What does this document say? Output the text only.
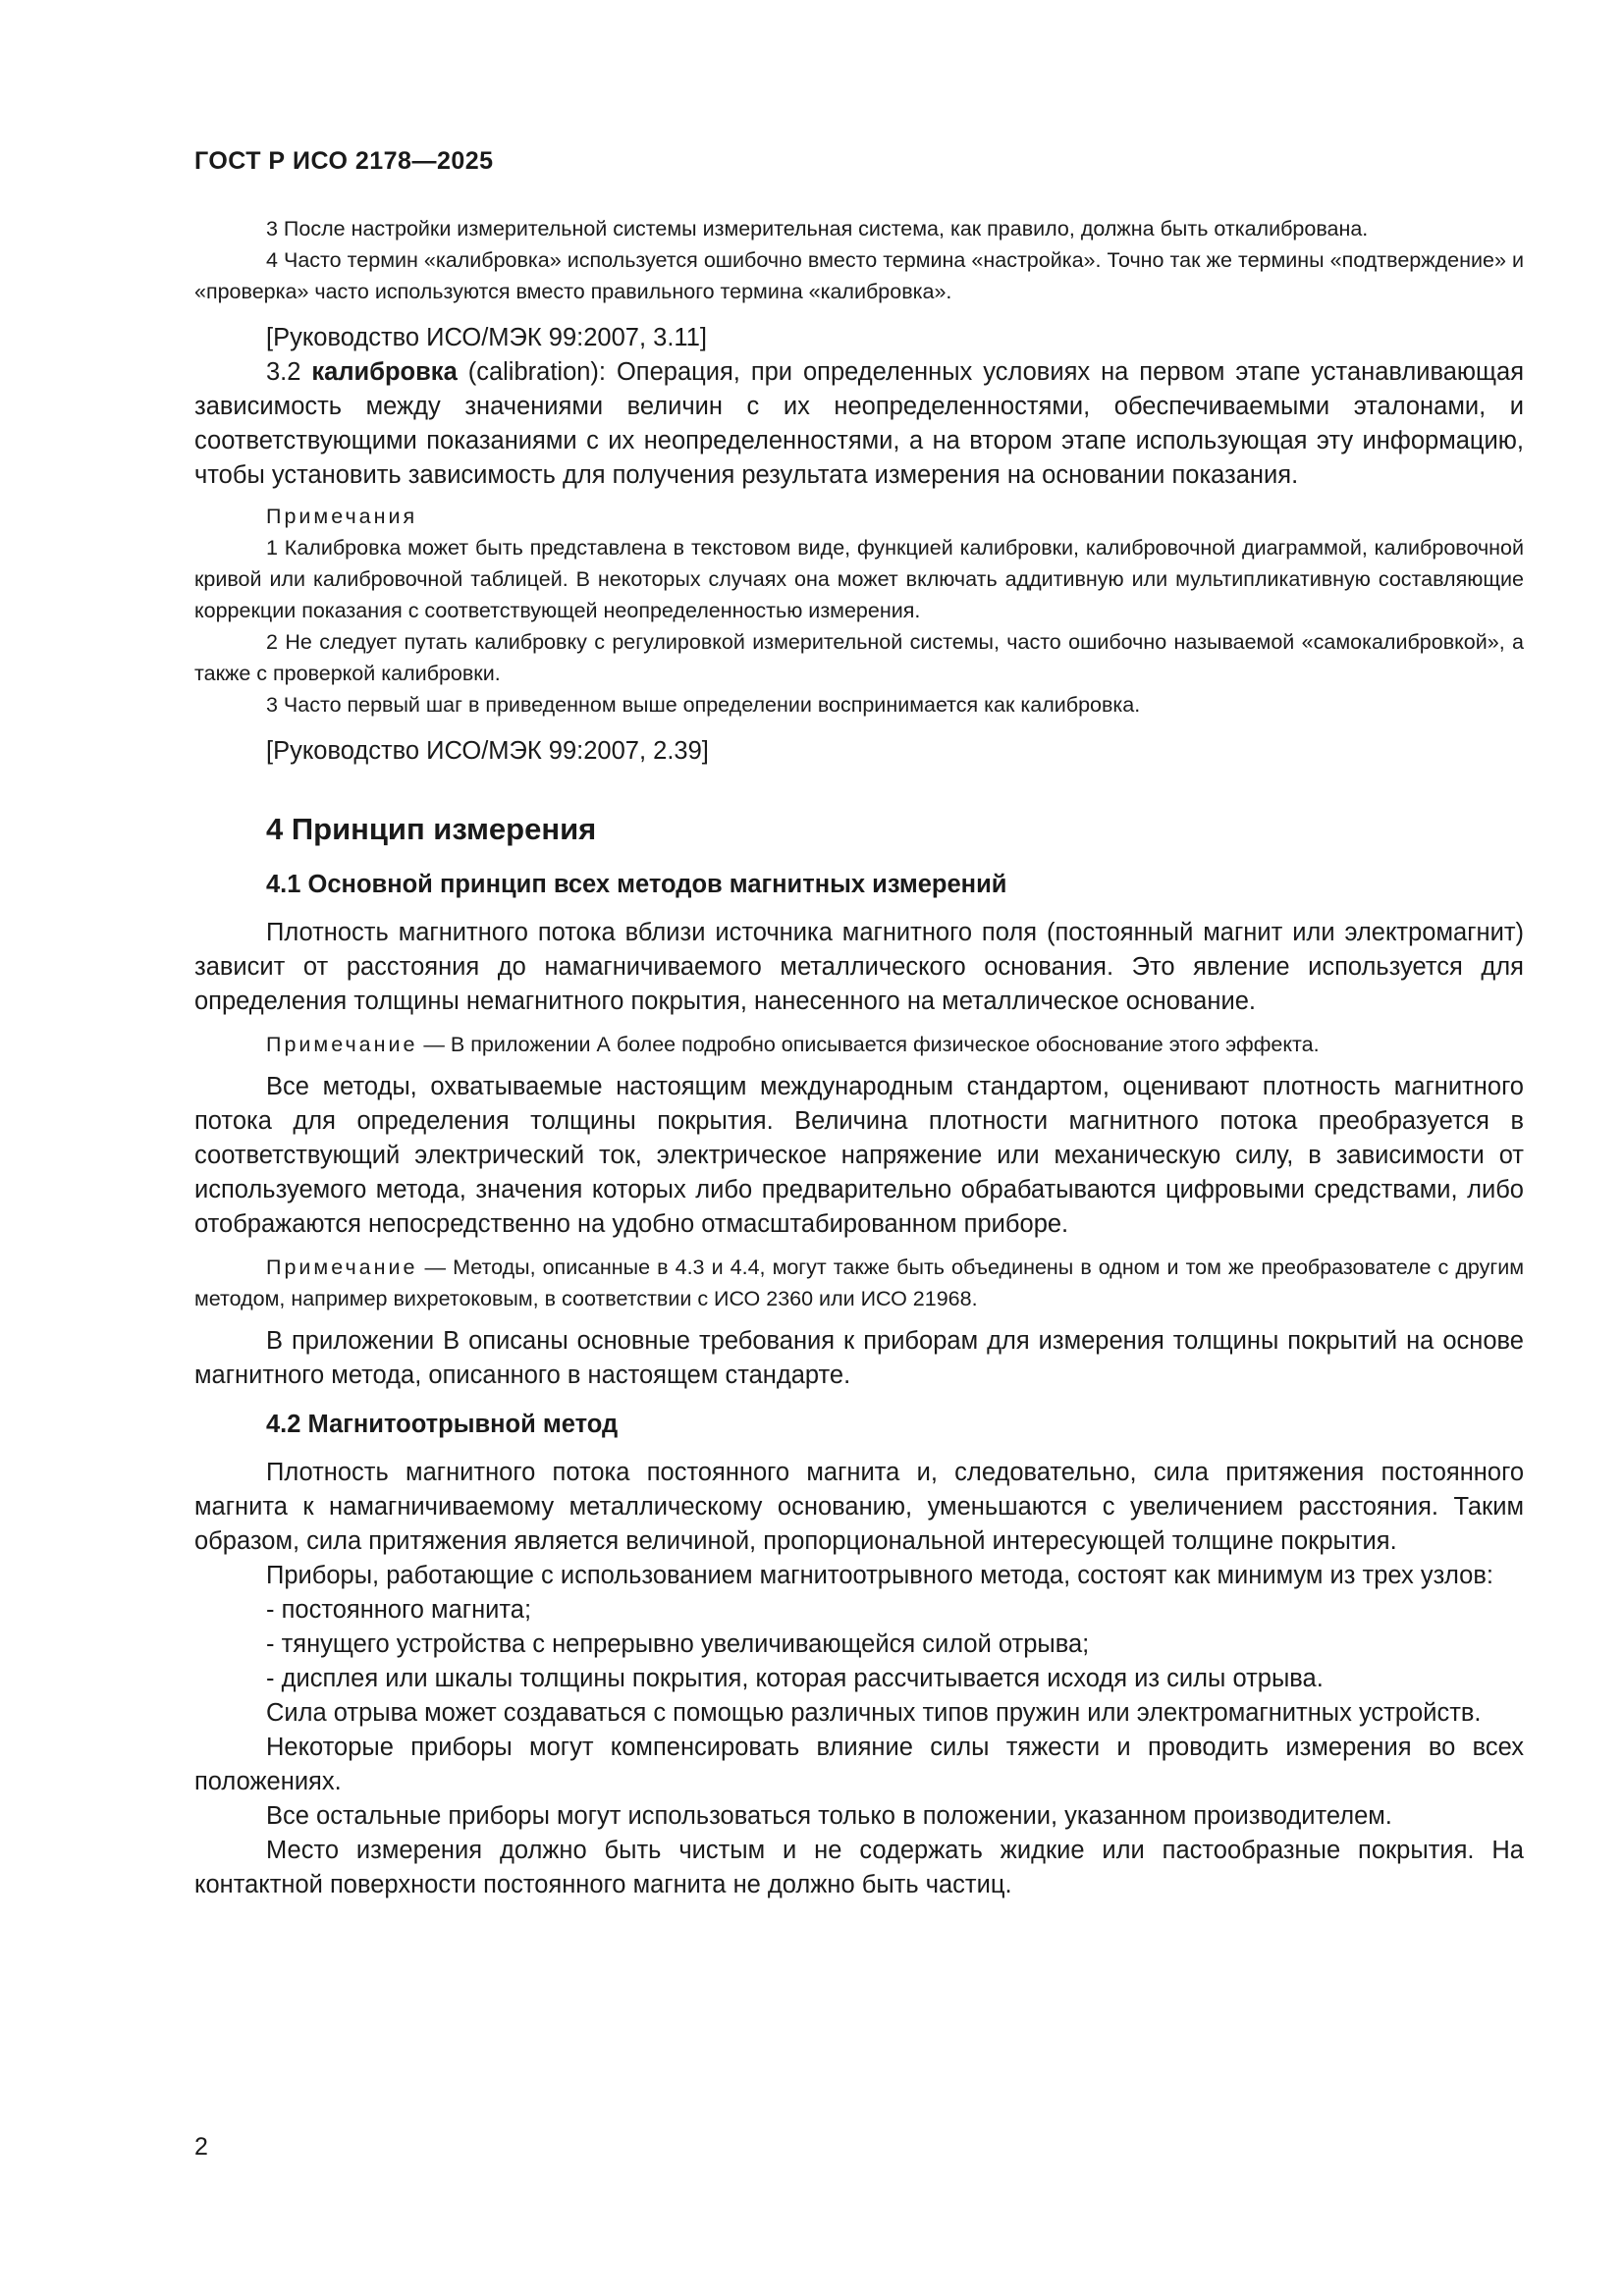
ГОСТ Р ИСО 2178—2025

3 После настройки измерительной системы измерительная система, как правило, должна быть откалибрована.

4 Часто термин «калибровка» используется ошибочно вместо термина «настройка». Точно так же термины «подтверждение» и «проверка» часто используются вместо правильного термина «калибровка».

[Руководство ИСО/МЭК 99:2007, 3.11]

3.2 калибровка (calibration): Операция, при определенных условиях на первом этапе устанавливающая зависимость между значениями величин с их неопределенностями, обеспечиваемыми эталонами, и соответствующими показаниями с их неопределенностями, а на втором этапе использующая эту информацию, чтобы установить зависимость для получения результата измерения на основании показания.

Примечания

1 Калибровка может быть представлена в текстовом виде, функцией калибровки, калибровочной диаграммой, калибровочной кривой или калибровочной таблицей. В некоторых случаях она может включать аддитивную или мультипликативную составляющие коррекции показания с соответствующей неопределенностью измерения.

2 Не следует путать калибровку с регулировкой измерительной системы, часто ошибочно называемой «самокалибровкой», а также с проверкой калибровки.

3 Часто первый шаг в приведенном выше определении воспринимается как калибровка.

[Руководство ИСО/МЭК 99:2007, 2.39]

4 Принцип измерения
4.1 Основной принцип всех методов магнитных измерений

Плотность магнитного потока вблизи источника магнитного поля (постоянный магнит или электромагнит) зависит от расстояния до намагничиваемого металлического основания. Это явление используется для определения толщины немагнитного покрытия, нанесенного на металлическое основание.

Примечание — В приложении А более подробно описывается физическое обоснование этого эффекта.

Все методы, охватываемые настоящим международным стандартом, оценивают плотность магнитного потока для определения толщины покрытия. Величина плотности магнитного потока преобразуется в соответствующий электрический ток, электрическое напряжение или механическую силу, в зависимости от используемого метода, значения которых либо предварительно обрабатываются цифровыми средствами, либо отображаются непосредственно на удобно отмасштабированном приборе.

Примечание — Методы, описанные в 4.3 и 4.4, могут также быть объединены в одном и том же преобразователе с другим методом, например вихретоковым, в соответствии с ИСО 2360 или ИСО 21968.

В приложении В описаны основные требования к приборам для измерения толщины покрытий на основе магнитного метода, описанного в настоящем стандарте.

4.2 Магнитоотрывной метод

Плотность магнитного потока постоянного магнита и, следовательно, сила притяжения постоянного магнита к намагничиваемому металлическому основанию, уменьшаются с увеличением расстояния. Таким образом, сила притяжения является величиной, пропорциональной интересующей толщине покрытия.

Приборы, работающие с использованием магнитоотрывного метода, состоят как минимум из трех узлов:

- постоянного магнита;

- тянущего устройства с непрерывно увеличивающейся силой отрыва;

- дисплея или шкалы толщины покрытия, которая рассчитывается исходя из силы отрыва.

Сила отрыва может создаваться с помощью различных типов пружин или электромагнитных устройств.

Некоторые приборы могут компенсировать влияние силы тяжести и проводить измерения во всех положениях.

Все остальные приборы могут использоваться только в положении, указанном производителем.

Место измерения должно быть чистым и не содержать жидкие или пастообразные покрытия. На контактной поверхности постоянного магнита не должно быть частиц.

2
